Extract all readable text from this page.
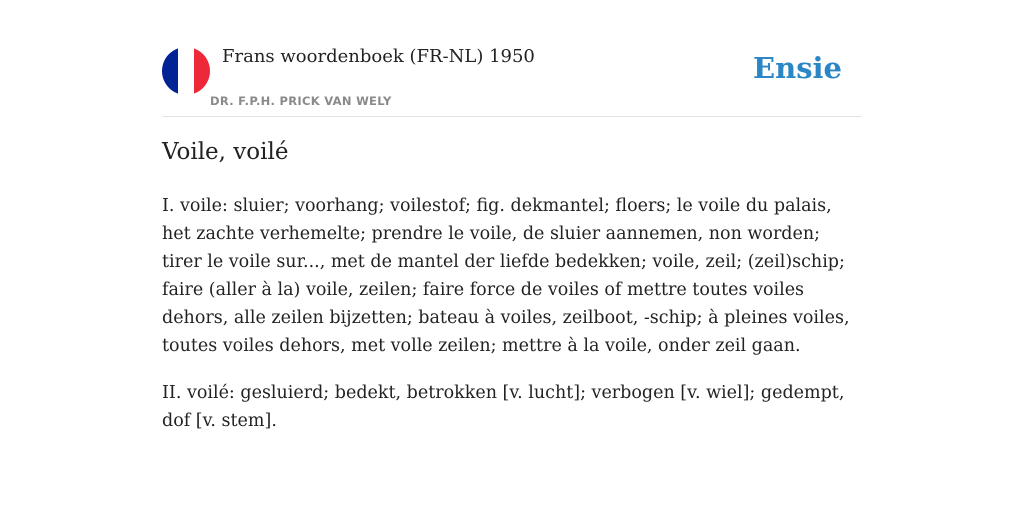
Frans woordenboek (FR-NL) 1950
DR. F.P.H. PRICK VAN WELY
Ensie
Voile, voilé

I. voile: sluier; voorhang; voilestof; fig. dekmantel; floers; le voile du palais, het zachte verhemelte; prendre le voile, de sluier aannemen, non worden; tirer le voile sur..., met de mantel der liefde bedekken; voile, zeil; (zeil)schip; faire (aller à la) voile, zeilen; faire force de voiles of mettre toutes voiles dehors, alle zeilen bijzetten; bateau à voiles, zeilboot, -schip; à pleines voiles, toutes voiles dehors, met volle zeilen; mettre à la voile, onder zeil gaan.

II. voilé: gesluierd; bedekt, betrokken [v. lucht]; verbogen [v. wiel]; gedempt, dof [v. stem].
